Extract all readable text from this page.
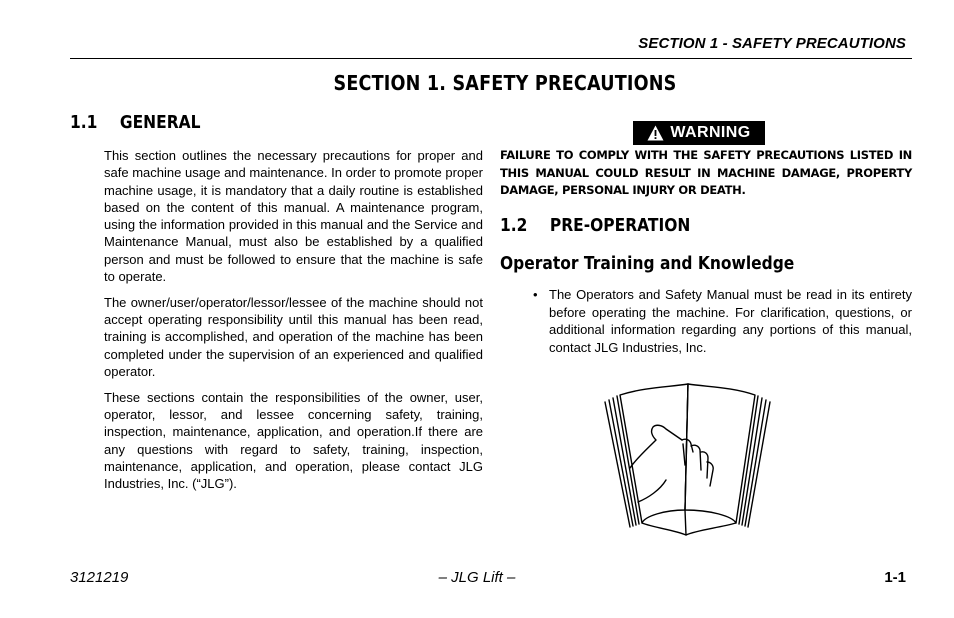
SECTION 1 - SAFETY PRECAUTIONS
SECTION 1. SAFETY PRECAUTIONS
1.1 GENERAL

This section outlines the necessary precautions for proper and safe machine usage and maintenance. In order to promote proper machine usage, it is mandatory that a daily routine is established based on the content of this manual. A maintenance program, using the information provided in this manual and the Service and Maintenance Manual, must also be established by a qualified person and must be followed to ensure that the machine is safe to operate.

The owner/user/operator/lessor/lessee of the machine should not accept operating responsibility until this manual has been read, training is accomplished, and operation of the machine has been completed under the supervision of an experienced and qualified operator.

These sections contain the responsibilities of the owner, user, operator, lessor, and lessee concerning safety, training, inspection, maintenance, application, and operation.If there are any questions with regard to safety, training, inspection, maintenance, application, and operation, please contact JLG Industries, Inc. (“JLG”).

WARNING
FAILURE TO COMPLY WITH THE SAFETY PRECAUTIONS LISTED IN THIS MANUAL COULD RESULT IN MACHINE DAMAGE, PROPERTY DAMAGE, PERSONAL INJURY OR DEATH.
1.2 PRE-OPERATION
Operator Training and Knowledge
• The Operators and Safety Manual must be read in its entirety before operating the machine. For clarification, questions, or additional information regarding any portions of this manual, contact JLG Industries, Inc.
3121219	– JLG Lift –	1-1
